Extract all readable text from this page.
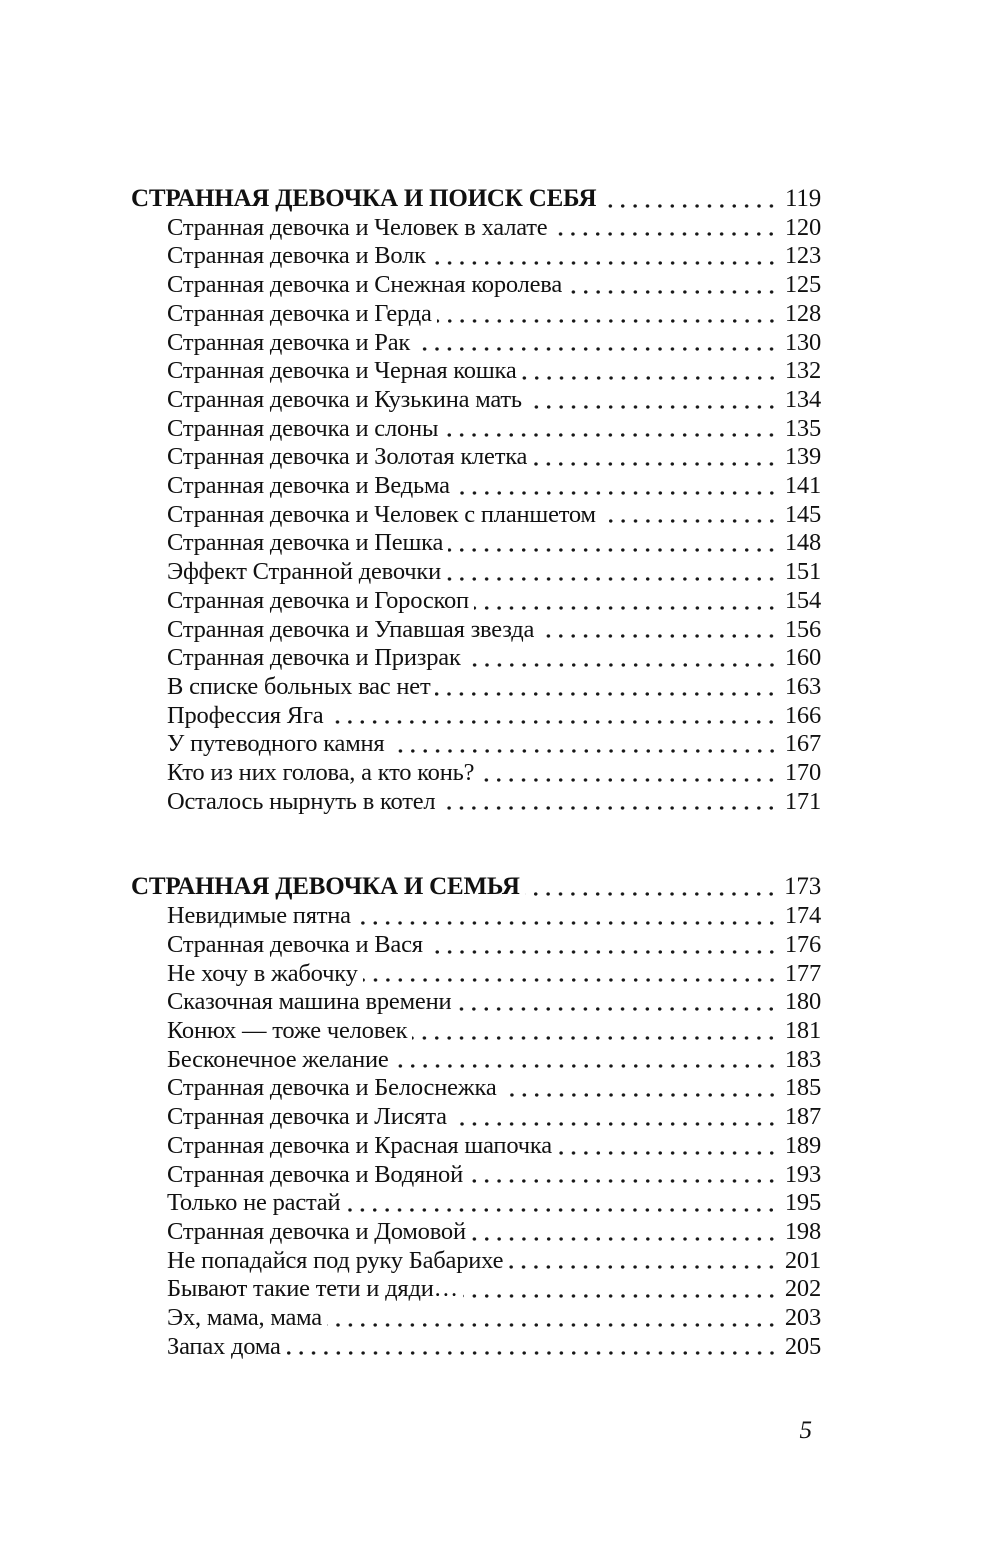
СТРАННАЯ ДЕВОЧКА И ПОИСК СЕБЯ	119
Странная девочка и Человек в халате	120
Странная девочка и Волк	123
Странная девочка и Снежная королева	125
Странная девочка и Герда	128
Странная девочка и Рак	130
Странная девочка и Черная кошка	132
Странная девочка и Кузькина мать	134
Странная девочка и слоны	135
Странная девочка и Золотая клетка	139
Странная девочка и Ведьма	141
Странная девочка и Человек с планшетом	145
Странная девочка и Пешка	148
Эффект Странной девочки	151
Странная девочка и Гороскоп	154
Странная девочка и Упавшая звезда	156
Странная девочка и Призрак	160
В списке больных вас нет	163
Профессия Яга	166
У путеводного камня	167
Кто из них голова, а кто конь?	170
Осталось нырнуть в котел	171
СТРАННАЯ ДЕВОЧКА И СЕМЬЯ	173
Невидимые пятна	174
Странная девочка и Вася	176
Не хочу в жабочку	177
Сказочная машина времени	180
Конюх — тоже человек	181
Бесконечное желание	183
Странная девочка и Белоснежка	185
Странная девочка и Лисята	187
Странная девочка и Красная шапочка	189
Странная девочка и Водяной	193
Только не растай	195
Странная девочка и Домовой	198
Не попадайся под руку Бабарихе	201
Бывают такие тети и дяди…	202
Эх, мама, мама	203
Запах дома	205
5
